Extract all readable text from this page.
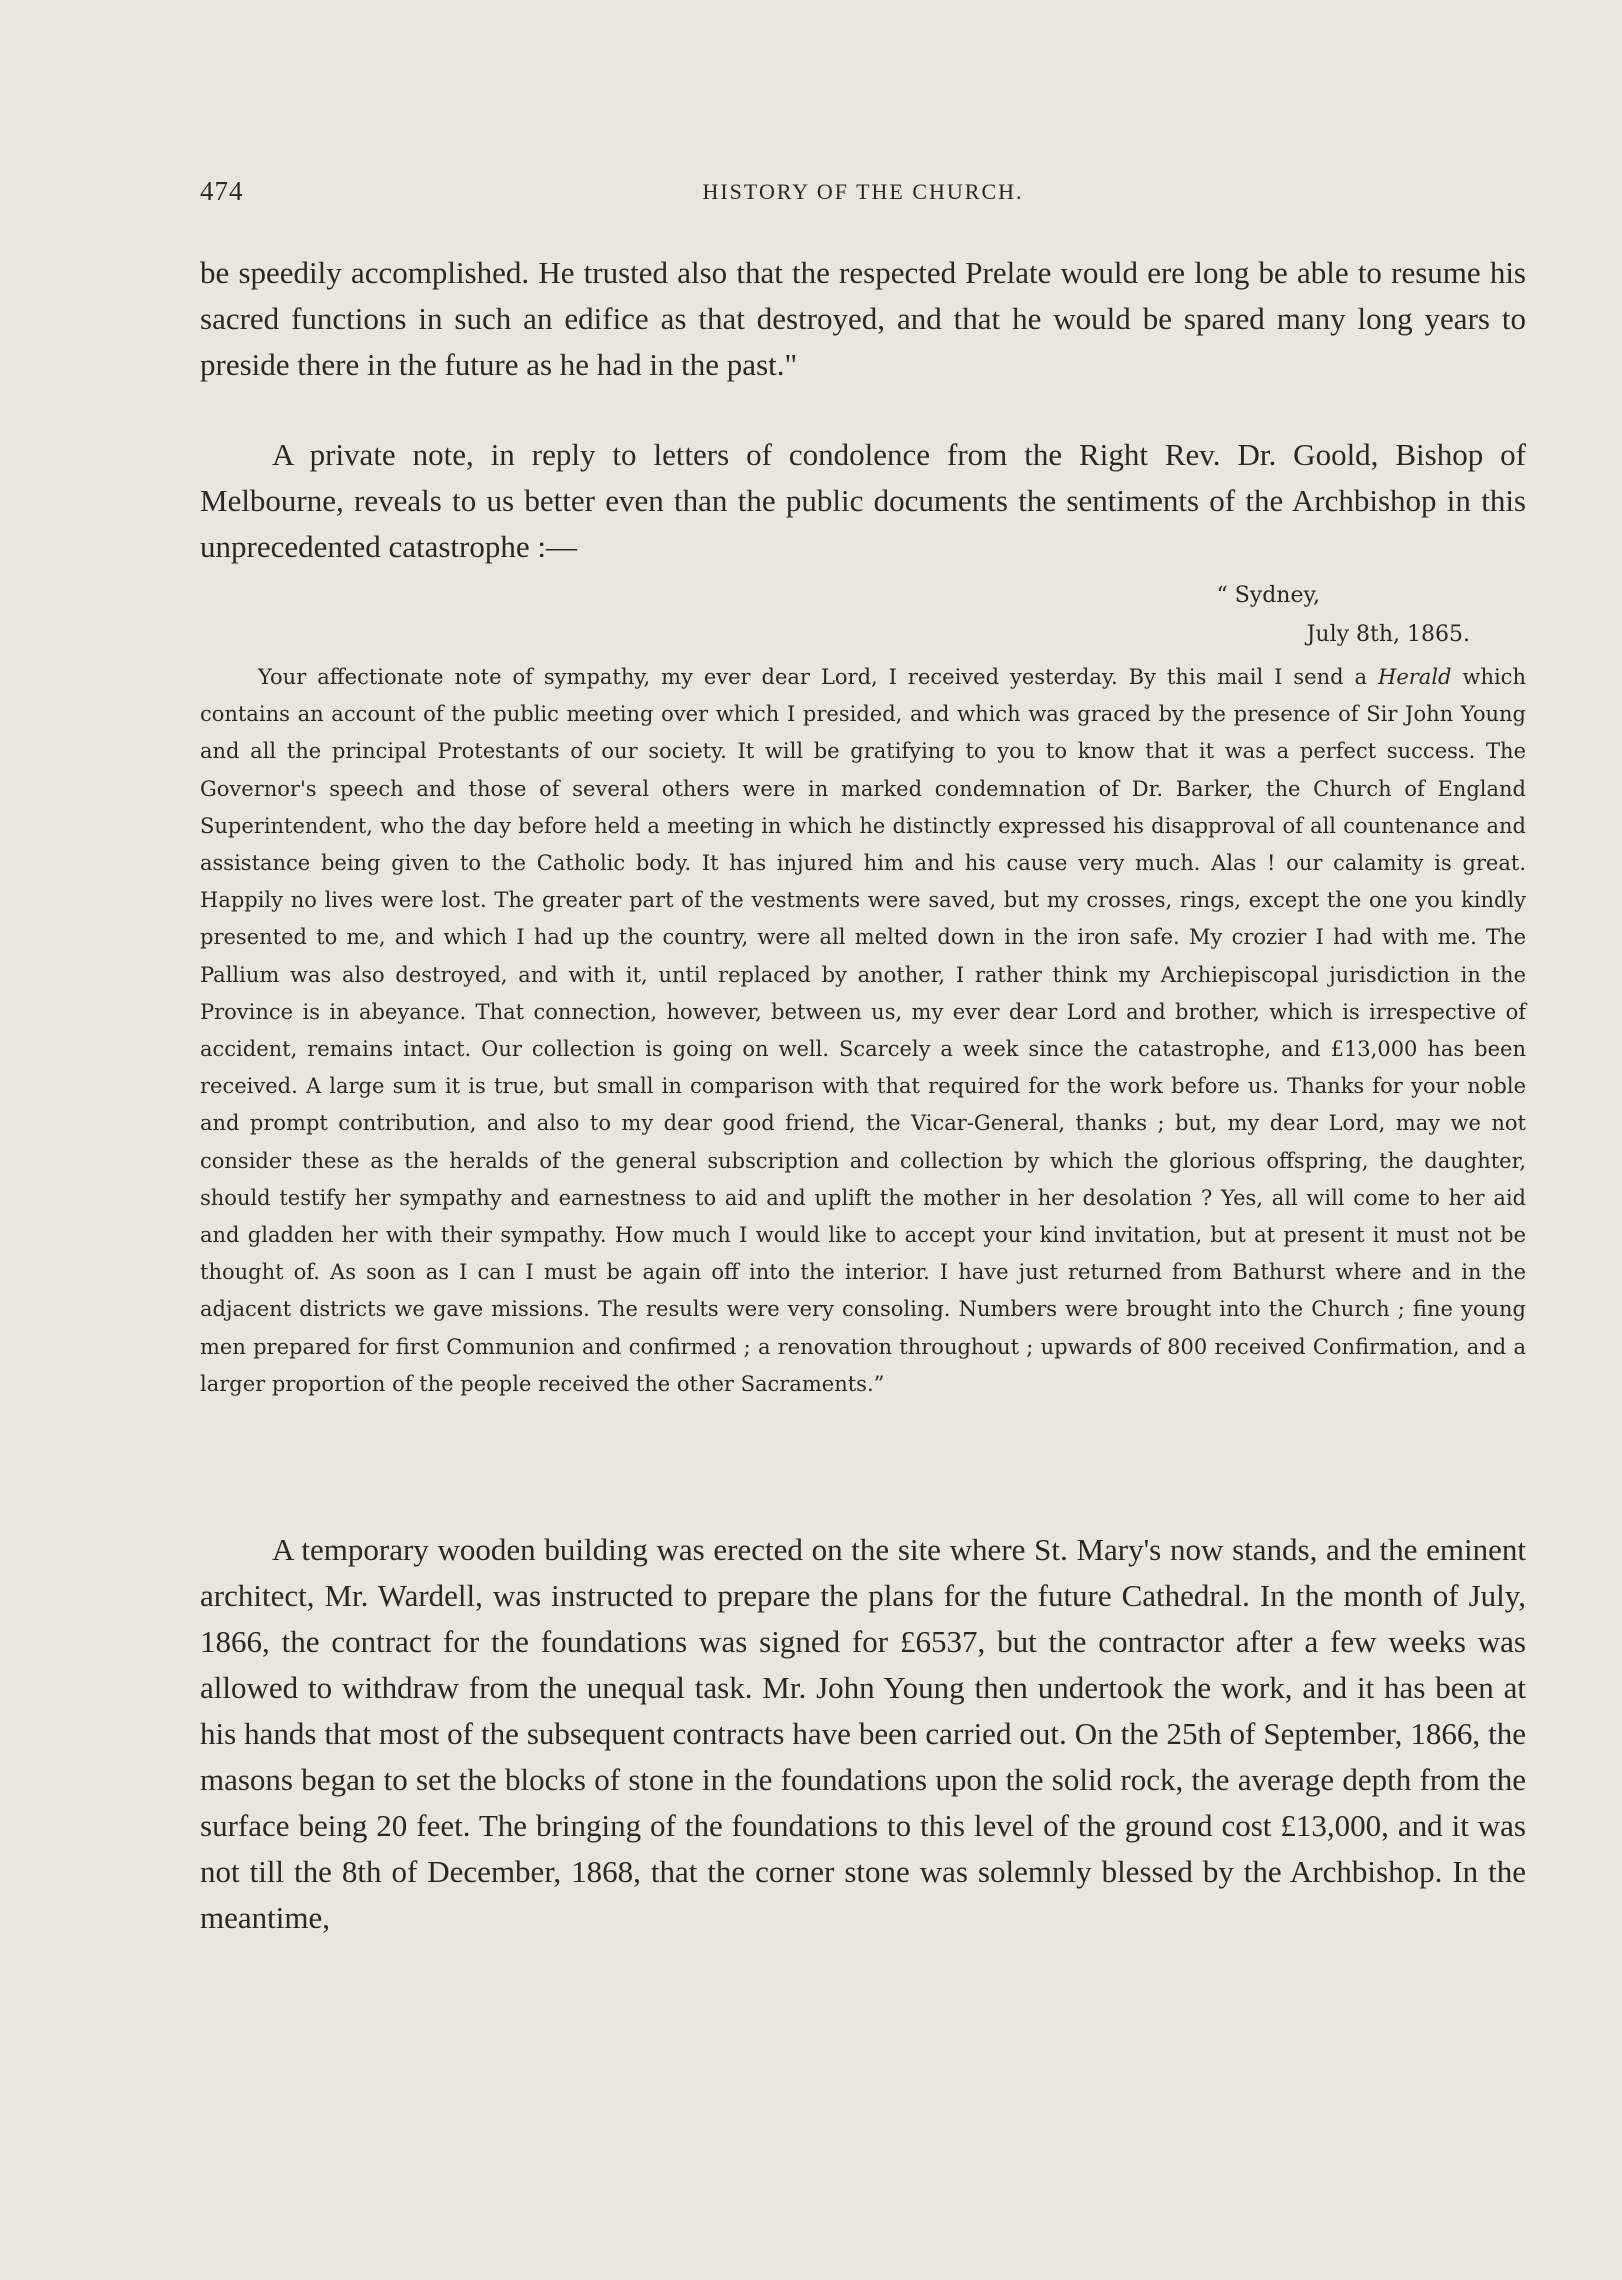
474	HISTORY OF THE CHURCH.

be speedily accomplished. He trusted also that the respected Prelate would ere long be able to resume his sacred functions in such an edifice as that destroyed, and that he would be spared many long years to preside there in the future as he had in the past."

A private note, in reply to letters of condolence from the Right Rev. Dr. Goold, Bishop of Melbourne, reveals to us better even than the public documents the sentiments of the Archbishop in this unprecedented catastrophe :—

“ Sydney,
July 8th, 1865.

Your affectionate note of sympathy, my ever dear Lord, I received yesterday. By this mail I send a Herald which contains an account of the public meeting over which I presided, and which was graced by the presence of Sir John Young and all the principal Protestants of our society. It will be gratifying to you to know that it was a perfect success. The Governor's speech and those of several others were in marked condemnation of Dr. Barker, the Church of England Superintendent, who the day before held a meeting in which he distinctly expressed his disapproval of all countenance and assistance being given to the Catholic body. It has injured him and his cause very much. Alas ! our calamity is great. Happily no lives were lost. The greater part of the vestments were saved, but my crosses, rings, except the one you kindly presented to me, and which I had up the country, were all melted down in the iron safe. My crozier I had with me. The Pallium was also destroyed, and with it, until replaced by another, I rather think my Archiepiscopal jurisdiction in the Province is in abeyance. That connection, however, between us, my ever dear Lord and brother, which is irrespective of accident, remains intact. Our collection is going on well. Scarcely a week since the catastrophe, and £13,000 has been received. A large sum it is true, but small in comparison with that required for the work before us. Thanks for your noble and prompt contribution, and also to my dear good friend, the Vicar-General, thanks ; but, my dear Lord, may we not consider these as the heralds of the general subscription and collection by which the glorious offspring, the daughter, should testify her sympathy and earnestness to aid and uplift the mother in her desolation ? Yes, all will come to her aid and gladden her with their sympathy. How much I would like to accept your kind invitation, but at present it must not be thought of. As soon as I can I must be again off into the interior. I have just returned from Bathurst where and in the adjacent districts we gave missions. The results were very consoling. Numbers were brought into the Church ; fine young men prepared for first Communion and confirmed ; a renovation throughout ; upwards of 800 received Confirmation, and a larger proportion of the people received the other Sacraments.”

A temporary wooden building was erected on the site where St. Mary's now stands, and the eminent architect, Mr. Wardell, was instructed to prepare the plans for the future Cathedral. In the month of July, 1866, the contract for the foundations was signed for £6537, but the contractor after a few weeks was allowed to withdraw from the unequal task. Mr. John Young then undertook the work, and it has been at his hands that most of the subsequent contracts have been carried out. On the 25th of September, 1866, the masons began to set the blocks of stone in the foundations upon the solid rock, the average depth from the surface being 20 feet. The bringing of the foundations to this level of the ground cost £13,000, and it was not till the 8th of December, 1868, that the corner stone was solemnly blessed by the Archbishop. In the meantime,
